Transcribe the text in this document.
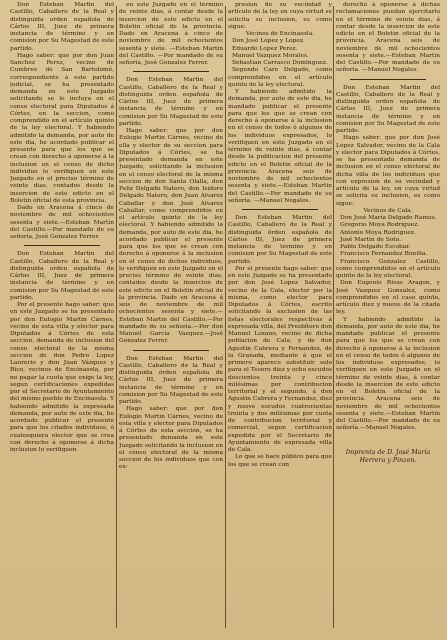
Don Esteban Martin del Castillo, Caballero de la Real y distinguida orden española de Cárlos III, Juez de primera instancia de término y en comision por Su Magestad de este partido.

Hago saber: que por don Juan Sanchez Perez, vecino de Cumbres de San Bartolomé, correspondiente á este partido judicial, se ha presentado demanda en este Juzgado solicitando se le incluya en el censo electoral para Diputados á Córtes, en la seccion, como comprendido en el artículo quinto de la ley electoral. Y habiendo admitido la demanda, por auto de este dia, he acordado publicar el presente para que los que se crean con derecho á oponerse á la inclusion en el censo de dicho individuo lo verifiquen en este Juzgado en el preciso término de veinte dias, contados desde la insercion de este edicto en el Boletin oficial de esta provincia.

Dado en Aracena á cinco de noviembre de mil ochocientos sesenta y siete.—Esteban Martin del Castillo.—Por mandado de su señoría, José Gonzalez Ferrer.

Don Esteban Martin del Castillo, Caballero de la Real y distinguida orden española de Cárlos III, Juez de primera instancia de término y en comision por Su Magestad de este partido.

Por el presente hago saber: que en este Juzgado se ha presentado por don Eulogio Martin Cárnes, vecino de esta villa y elector para Diputados á Córtes de esta seccion, demanda de inclusion del censo electoral de la misma seccion de don Pedro Lopez Laurerio y don Juan Vázquez y Rico, vecinos de Encinasola, por no pagar la cuota que exige la ley, segun certificaciones expedidas por el Secretario de Ayuntamiento del mismo pueblo de Encinasola. Y habiendo admitido la expresada demanda, por auto de este dia, he acordado publicar el presente para que los citados individuos, ó cualesquiera elector que se crea con derecho á oponerse á dicha inclusion lo verifiquen

en este Juzgado en el término de veinte dias, á contar desde la insercion de este edicto en el Boletin oficial de la provincia. Dado en Aracena á cinco de noviembre de mil ochocientos sesenta y siete. —Esteban Martin del Castillo. —Por mandado de su señoría, José Gonzalez Ferrer.

Don Esteban Martin del Castillo, Caballero de la Real y distinguida orden española de Cárlos III, Juez de primera instancia de término y en comision por Su Magestad de este partido.

Hago saber: que por don Eulogio Martin Cárnes, vecino de ella y elector de su seccion para Diputados á Córtes, se ha presentado demanda en este Juzgado, solicitando la inclusion en el censo electoral de la misma seccion de don Santa Olalla, don Feliz Delgado Natero, don Isidoro Delgado Natero, don Juan Alvarez Caballar y don José Alvarez Caballar, como comprendidos en el artículo quinto de la ley electoral. Y habiendo admitido la demanda, por auto de este dia, he acordado publicar el presente para que los que se crean con derecho á oponerse á la inclusion en el censo de dichos individuos, lo verifiquen en este Juzgado en el preciso término de veinte dias, contados desde la insercion de este edicto en el Boletin oficial de la provincia. Dado en Aracena á seis de noviembre de mil ochocientos sesenta y siete.—Esteban Martin del Castillo.—Por mandado de su señoría.—Por don Manuel García Vazquez.—José Gonzalez Ferrer.

Don Esteban Martin del Castillo, Caballero de la Real y distinguida órden española de Cárlos III, Juez de primera instancia de término y en comision por Su Magestad de este partido.

Hago saber: que por don Eulogio Martin Cárnes, vecino de esta villa y elector para Diputados á Córtes de esta seccion, se ha presentado demanda en este Juzgado solicitando la inclusion en el censo electoral de la misma seccion de los individuos que con ex-

presion de su vecindad y artículo de la ley en cuya virtud se solicita su inclusion, es como sigue:

Vecinos de Encinasola.

Don José Lopez y Lopez.

Eduardo Lopez Perez.

Manuel Vazquez Morales.

Sebastian Carrasco Dominguez.

Segundo Caro Delgado, como comprendidos en el artículo quinto de la ley electoral.

Y habiendo admitido la demanda, por auto de este dia, he mandado publicar el presente para que los que se crean con derecho á oponerse á la inclusion en el censo de todos ó algunos de los individuos expresados, lo verifiquen en este Juzgado en el término de veinte dias, á contar desde la publicacion del presente edicto en el Boletin oficial de la provincia. Aracena seis de noviembre de mil ochocientos sesenta y siete.—Esteban Martin del Castillo.—Por mandado de su señoría. —Manuel Nogales.

Don Esteban Martin del Castillo, Caballero de la Real y distinguida órden española de Cárlos III, Juez de primera instancia de término y en comision por Su Magestad de este partido.

Por el presente hago saber: que en este Juzgado se ha presentado por don José Lopez Salvador, vecino de la Cala, elector por la misma, como elector para Diputados á Córtes, escrito solicitando la exclusion de las listas electorales respectivas á expresada villa, del Presbítero don Manuel Lozano, vecino de dicha poblacion de Cala, y de don Agustin Cabrera y Fernandez, de la Granada, mediante á que el primero aparece substituir solo para el Tesoro diez y ocho escudos doscientos treinta y cinco milésimas por contribucion territorial y el segundo, á don Agustin Cabrera y Fernandez, diez y nueve escudos cuatrocientas treinta y dos milésimas por cuota de contribucion territorial y comercial, segun certificacion expedida por el Secretario de Ayuntamiento de expresada villa de Cala.

Lo que se hace público para que los que se crean con

derecho á oponerse á dichas reclamaciones puedan ejercitarlo en el término de veinte dias, á contar desde la insercion de este edicto en el Boletin oficial de la provincia. Aracena seis de noviembre de mil ochocientos sesenta y siete.—Esteban Martin del Castillo.—Por mandado de su señoría. —Manuel Nogales.

Don Esteban Martin del Castillo, Caballero de la Real y distinguida orden española de Cárlos III, Juez de primera instancia de término y en comision por Su Magestad de este partido.

Hago saber: que por don José Lopez Salvador, vecino de la Cala y elector para Diputados á Córtes, se ha presentado demanda de inclusion en el censo electoral de dicha villa de los individuos que con expresion de su vecindad y artículo de la ley, en cuya virtud se solicita su inclusion, es como sigue:

Vecinos de Cala.

Don José María Delgado Ramos.

Gregorio Moya Rodriguez.

Antonio Moya Rodriguez.

José Martin de Soto.

Pablo Delgado Escobar.

Francisco Fernandez Bonilla.

Francisco Gonzalez Castillo, como comprendidos en el artículo quinto de la ley electoral.

Don Eugenio Rivas Aragon, y José Vazquez Gonzalez, como comprendidos en el caso quinto, artículo diez y nueve de la citada ley.

Y habiendo admitido la demanda, por auto de este dia, he mandado publicar el presente para que los que se crean con derecho á oponerse á la inclusion en el censo de todos ó algunos de los individuos expresados, lo verifiquen en este Juzgado en el término de veinte dias, á contar desde la insercion de este edicto en el Boletin oficial de la provincia. Aracena seis de noviembre de mil ochocientos sesenta y siete.—Esteban Martin del Castillo.—Por mandado de su señoría.—Manuel Nogales.

Imprenta de D. José María Herrera y Pinzon.
